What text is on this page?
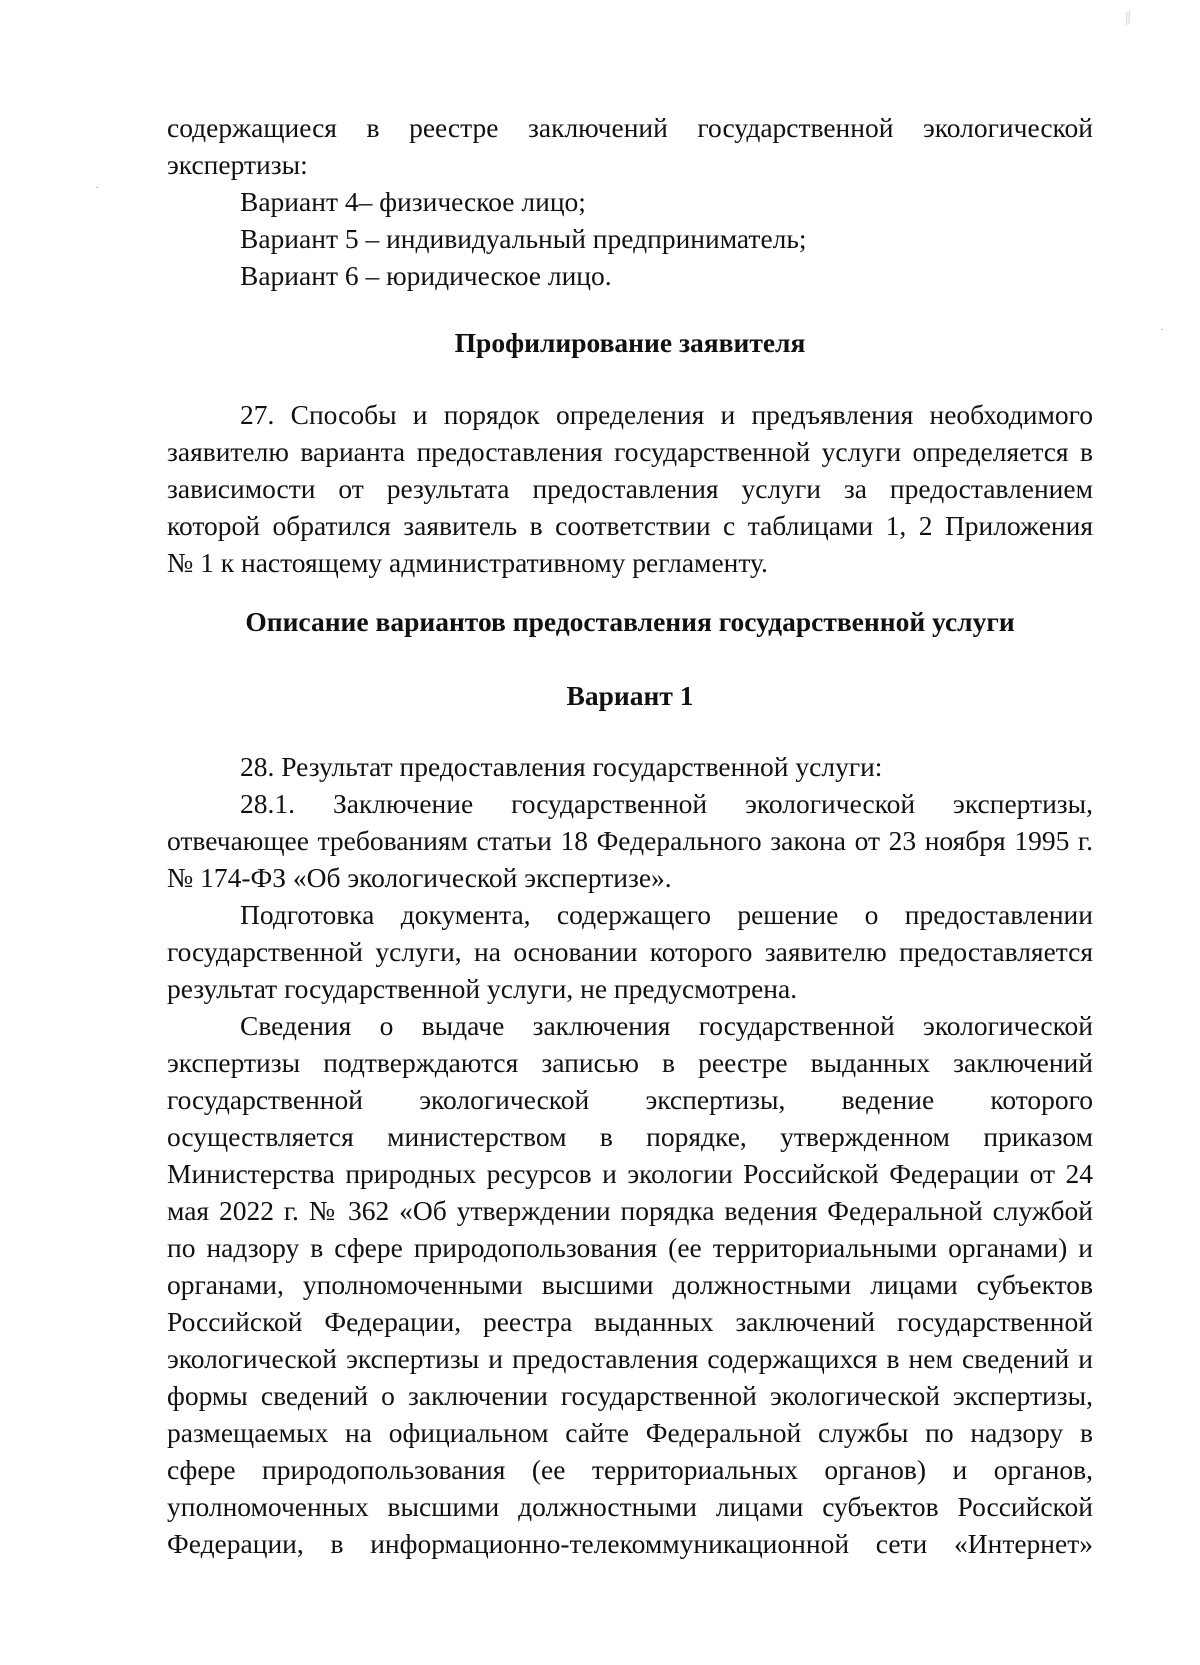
⁄⁄
·
·
содержащиеся в реестре заключений государственной экологической
экспертизы:
Вариант 4– физическое лицо;
Вариант 5 – индивидуальный предприниматель;
Вариант 6 – юридическое лицо.
Профилирование заявителя
27. Способы и порядок определения и предъявления необходимого
заявителю варианта предоставления государственной услуги определяется в
зависимости от результата предоставления услуги за предоставлением
которой обратился заявитель в соответствии с таблицами 1, 2 Приложения
№ 1 к настоящему административному регламенту.
Описание вариантов предоставления государственной услуги
Вариант 1
28. Результат предоставления государственной услуги:
28.1. Заключение государственной экологической экспертизы,
отвечающее требованиям статьи 18 Федерального закона от 23 ноября 1995 г.
№ 174-ФЗ «Об экологической экспертизе».
Подготовка документа, содержащего решение о предоставлении
государственной услуги, на основании которого заявителю предоставляется
результат государственной услуги, не предусмотрена.
Сведения о выдаче заключения государственной экологической
экспертизы подтверждаются записью в реестре выданных заключений
государственной экологической экспертизы, ведение которого
осуществляется министерством в порядке, утвержденном приказом
Министерства природных ресурсов и экологии Российской Федерации от 24
мая 2022 г. № 362 «Об утверждении порядка ведения Федеральной службой
по надзору в сфере природопользования (ее территориальными органами) и
органами, уполномоченными высшими должностными лицами субъектов
Российской Федерации, реестра выданных заключений государственной
экологической экспертизы и предоставления содержащихся в нем сведений и
формы сведений о заключении государственной экологической экспертизы,
размещаемых на официальном сайте Федеральной службы по надзору в
сфере природопользования (ее территориальных органов) и органов,
уполномоченных высшими должностными лицами субъектов Российской
Федерации, в информационно-телекоммуникационной сети «Интернет»
